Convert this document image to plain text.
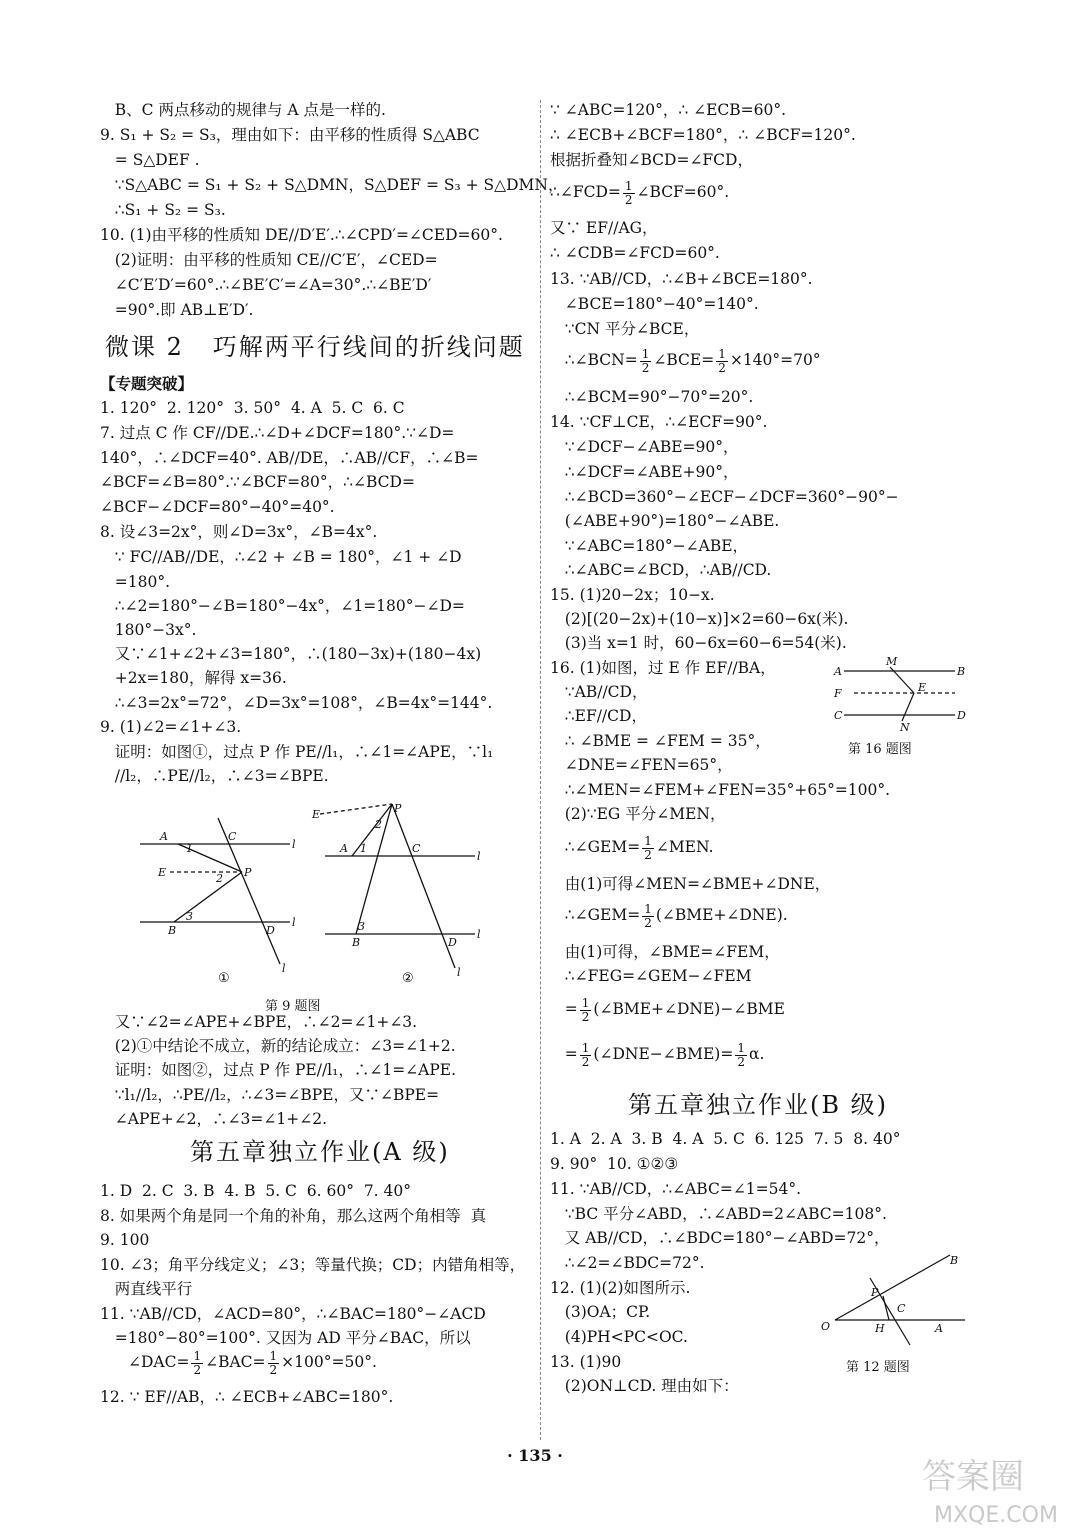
B、C 两点移动的规律与 A 点是一样的.
9. S₁ + S₂ = S₃，理由如下：由平移的性质得 S△ABC
= S△DEF .
∵S△ABC = S₁ + S₂ + S△DMN，S△DEF = S₃ + S△DMN，
∴S₁ + S₂ = S₃.
10. (1)由平移的性质知 DE//D′E′.∴∠CPD′=∠CED=60°.
(2)证明：由平移的性质知 CE//C′E′，∠CED=
∠C′E′D′=60°.∴∠BE′C′=∠A=30°.∴∠BE′D′
=90°.即 AB⊥E′D′.
【专题突破】
1. 120°  2. 120°  3. 50°  4. A  5. C  6. C
7. 过点 C 作 CF//DE.∴∠D+∠DCF=180°.∵∠D=
140°，∴∠DCF=40°. AB//DE，∴AB//CF，∴∠B=
∠BCF−∠DCF=80°−40°=40°.
8. 设∠3=2x°，则∠D=3x°，∠B=4x°.
∵ FC//AB//DE，∴∠2 + ∠B = 180°，∠1 + ∠D
=180°.
∴∠2=180°−∠B=180°−4x°，∠1=180°−∠D=
180°−3x°.
又∵∠1+∠2+∠3=180°，∴(180−3x)+(180−4x)
+2x=180，解得 x=36.
∴∠3=2x°=72°，∠D=3x°=108°，∠B=4x°=144°.
9. (1)∠2=∠1+∠3.
证明：如图①，过点 P 作 PE//l₁，∴∠1=∠APE，∵l₁
//l₂，∴PE//l₂，∴∠3=∠BPE.
又∵∠2=∠APE+∠BPE，∴∠2=∠1+∠3.
(2)①中结论不成立，新的结论成立：∠3=∠1+2.
证明：如图②，过点 P 作 PE//l₁，∴∠1=∠APE.
∵l₁//l₂，∴PE//l₂，∴∠3=∠BPE，又∵∠BPE=
∠APE+∠2，∴∠3=∠1+∠2.
1. D  2. C  3. B  4. B  5. C  6. 60°  7. 40°
8. 如果两个角是同一个角的补角，那么这两个角相等  真
9. 100
10. ∠3；角平分线定义；∠3；等量代换；CD；内错角相等，
两直线平行
11. ∵AB//CD，∠ACD=80°，∴∠BAC=180°−∠ACD
=180°−80°=100°. 又因为 AD 平分∠BAC，所以
12. ∵ EF//AB，∴ ∠ECB+∠ABC=180°.
∠BCF=∠B=80°.∵∠BCF=80°，∴∠BCD=
∠DAC= $\frac{1}{2}$ ∠BAC= $\frac{1}{2} \times 100^\circ=50^\circ$.
∵ ∠ABC=120°，∴ ∠ECB=60°.
∴ ∠ECB+∠BCF=180°，∴ ∠BCF=120°.
根据折叠知∠BCD=∠FCD，
又∵ EF//AG，
∴ ∠CDB=∠FCD=60°.
13. ∵AB//CD，∴∠B+∠BCE=180°.
∠BCE=180°−40°=140°.
∵CN 平分∠BCE，
∴∠BCM=90°−70°=20°.
14. ∵CF⊥CE，∴∠ECF=90°.
∵∠DCF−∠ABE=90°，
∴∠DCF=∠ABE+90°，
∴∠BCD=360°−∠ECF−∠DCF=360°−90°−
(∠ABE+90°)=180°−∠ABE.
∵∠ABC=180°−∠ABE，
∴∠ABC=∠BCD，∴AB//CD.
15. (1)20−2x；10−x.
(2)[(20−2x)+(10−x)]×2=60−6x(米).
(3)当 x=1 时，60−6x=60−6=54(米).
16. (1)如图，过 E 作 EF//BA，
∵AB//CD，
∴EF//CD，
∴ ∠BME = ∠FEM = 35°，
∠DNE=∠FEN=65°，
∴∠MEN=∠FEM+∠FEN=35°+65°=100°.
(2)∵EG 平分∠MEN，
由(1)可得∠MEN=∠BME+∠DNE，
由(1)可得，∠BME=∠FEM，
∴∠FEG=∠GEM−∠FEM
1. A  2. A  3. B  4. A  5. C  6. 125  7. 5  8. 40°
9. 90°  10. ①②③
11. ∵AB//CD，∴∠ABC=∠1=54°.
∵BC 平分∠ABD，∴∠ABD=2∠ABC=108°.
又 AB//CD，∴∠BDC=180°−∠ABD=72°，
∴∠2=∠BDC=72°.
12. (1)(2)如图所示.
(3)OA；CP.
(4)PH<PC<OC.
13. (1)90
(2)ON⊥CD. 理由如下：
∴∠FCD= $\frac{1}{2}$ ∠BCF=60°.
∴∠BCN= $\frac{1}{2}$ ∠BCE= $\frac{1}{2} \times 140^\circ=70^\circ$
∴∠GEM= $\frac{1}{2}$ ∠MEN.
∴∠GEM= $\frac{1}{2}$ (∠BME+∠DNE).
= $\frac{1}{2}$ (∠BME+∠DNE)−∠BME
= $\frac{1}{2}$ (∠DNE−∠BME)= $\frac{1}{2} \alpha$.
微课 2   巧解两平行线间的折线问题
第五章独立作业(A 级)
第五章独立作业(B 级)
A	C
l
E	P
2
1
3
B	D
l
l
E	P
2
1
A	C
l
3
B	D
l
l
①	②
第 9 题图
A
M
B
F	E
C
N
D
第 16 题图
O
B
P
C
H	A
第 12 题图
· 135 ·
答案圈
MXQE.COM
